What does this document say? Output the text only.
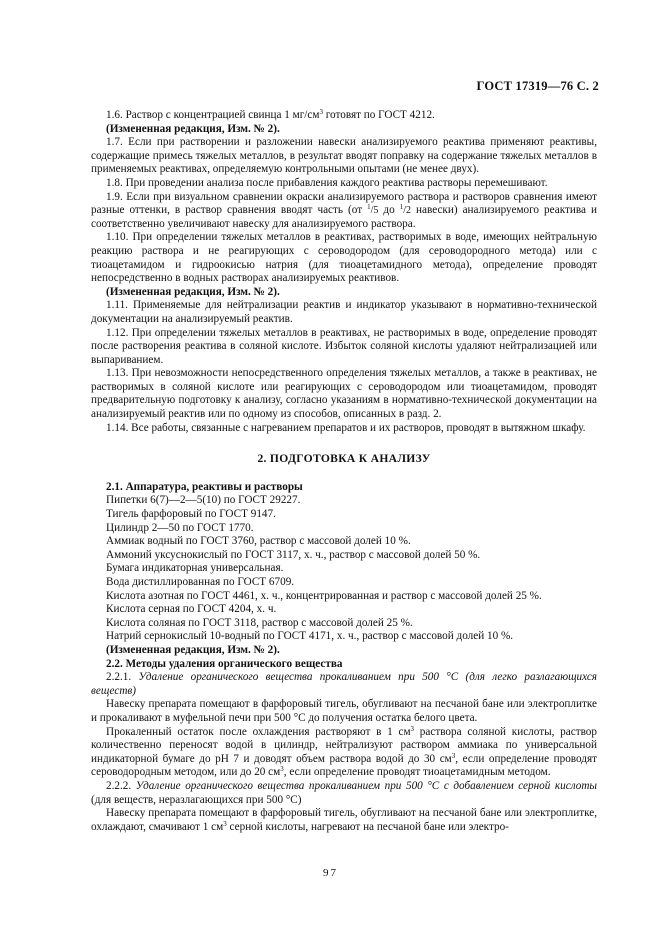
ГОСТ 17319—76 С. 2

1.6. Раствор с концентрацией свинца 1 $мг/см^3$ готовят по ГОСТ 4212.

(Измененная редакция, Изм. № 2).

1.7. Если при растворении и разложении навески анализируемого реактива применяют реактивы, содержащие примесь тяжелых металлов, в результат вводят поправку на содержание тяжелых металлов в применяемых реактивах, определяемую контрольными опытами (не менее двух).

1.8. При проведении анализа после прибавления каждого реактива растворы перемешивают.

1.9. Если при визуальном сравнении окраски анализируемого раствора и растворов сравнения имеют разные оттенки, в раствор сравнения вводят часть (от $^1$/5 до $^1$/2 навески) анализируемого реактива и соответственно увеличивают навеску для анализируемого раствора.

1.10. При определении тяжелых металлов в реактивах, растворимых в воде, имеющих нейтральную реакцию раствора и не реагирующих с сероводородом (для сероводородного метода) или с тиоацетамидом и гидроокисью натрия (для тиоацетамидного метода), определение проводят непосредственно в водных растворах анализируемых реактивов.

(Измененная редакция, Изм. № 2).

1.11. Применяемые для нейтрализации реактив и индикатор указывают в нормативно-технической документации на анализируемый реактив.

1.12. При определении тяжелых металлов в реактивах, не растворимых в воде, определение проводят после растворения реактива в соляной кислоте. Избыток соляной кислоты удаляют нейтрализацией или выпариванием.

1.13. При невозможности непосредственного определения тяжелых металлов, а также в реактивах, не растворимых в соляной кислоте или реагирующих с сероводородом или тиоацетамидом, проводят предварительную подготовку к анализу, согласно указаниям в нормативно-технической документации на анализируемый реактив или по одному из способов, описанных в разд. 2.

1.14. Все работы, связанные с нагреванием препаратов и их растворов, проводят в вытяжном шкафу.

2. ПОДГОТОВКА К АНАЛИЗУ

2.1. Аппаратура, реактивы и растворы

Пипетки 6(7)—2—5(10) по ГОСТ 29227.
Тигель фарфоровый по ГОСТ 9147.
Цилиндр 2—50 по ГОСТ 1770.
Аммиак водный по ГОСТ 3760, раствор с массовой долей 10 %.
Аммоний уксуснокислый по ГОСТ 3117, х. ч., раствор с массовой долей 50 %.
Бумага индикаторная универсальная.
Вода дистиллированная по ГОСТ 6709.
Кислота азотная по ГОСТ 4461, х. ч., концентрированная и раствор с массовой долей 25 %.
Кислота серная по ГОСТ 4204, х. ч.
Кислота соляная по ГОСТ 3118, раствор с массовой долей 25 %.
Натрий сернокислый 10-водный по ГОСТ 4171, х. ч., раствор с массовой долей 10 %.

(Измененная редакция, Изм. № 2).

2.2. Методы удаления органического вещества

2.2.1. Удаление органического вещества прокаливанием при 500 °С (для легко разлагающихся веществ)

Навеску препарата помещают в фарфоровый тигель, обугливают на песчаной бане или электроплитке и прокаливают в муфельной печи при 500 °С до получения остатка белого цвета.

Прокаленный остаток после охлаждения растворяют в 1 $см^3$ раствора соляной кислоты, раствор количественно переносят водой в цилиндр, нейтрализуют раствором аммиака по универсальной индикаторной бумаге до рН 7 и доводят объем раствора водой до 30 $см^3$, если определение проводят сероводородным методом, или до 20 $см^3$, если определение проводят тиоацетамидным методом.

2.2.2. Удаление органического вещества прокаливанием при 500 °С с добавлением серной кислоты (для веществ, неразлагающихся при 500 °С)

Навеску препарата помещают в фарфоровый тигель, обугливают на песчаной бане или электроплитке, охлаждают, смачивают 1 $см^3$ серной кислоты, нагревают на песчаной бане или электро-

97
